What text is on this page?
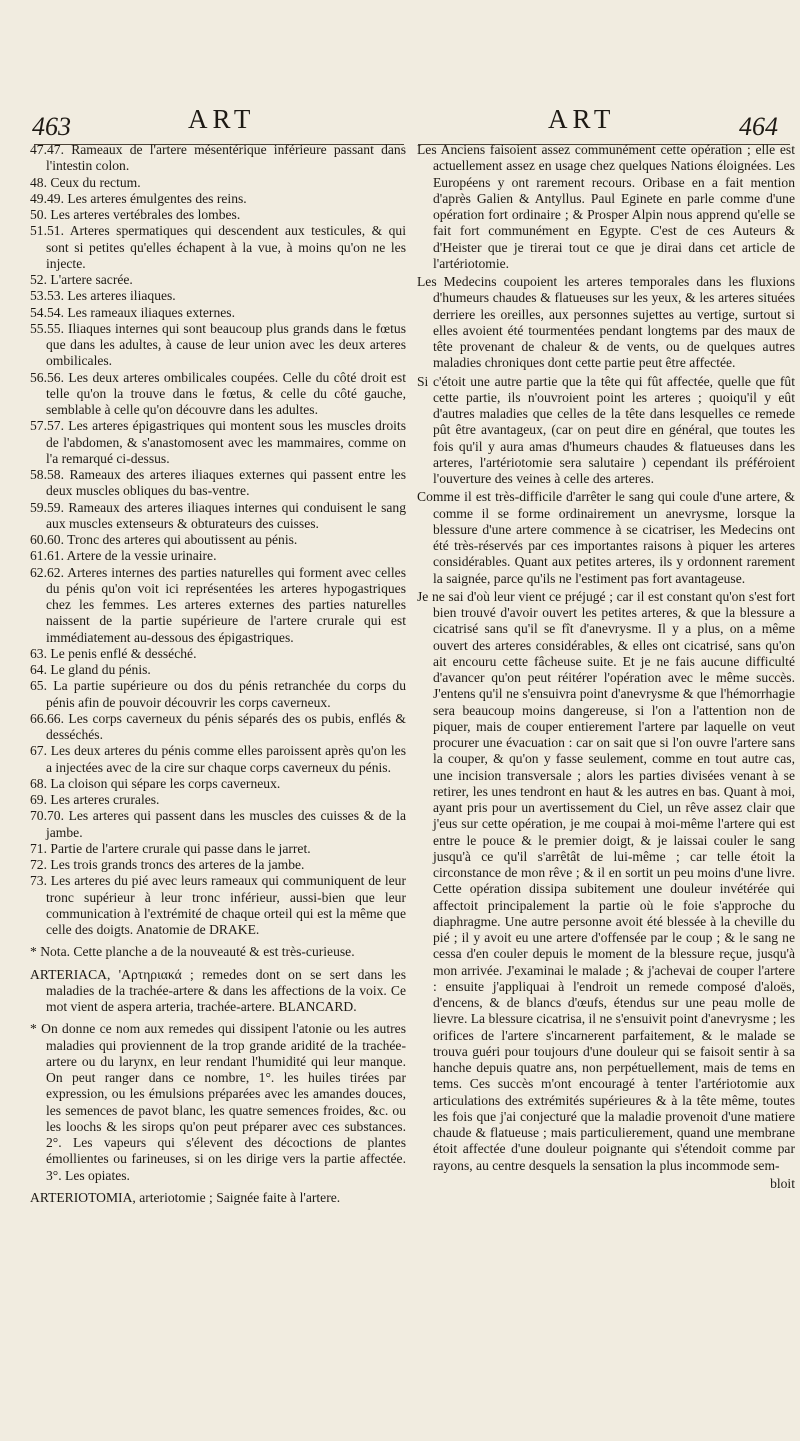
463	ART	ART	464

47.47. Rameaux de l'artere mésentérique inférieure passant dans l'intestin colon.

48. Ceux du rectum.

49.49. Les arteres émulgentes des reins.

50. Les arteres vertébrales des lombes.

51.51. Arteres spermatiques qui descendent aux testicules, & qui sont si petites qu'elles échapent à la vue, à moins qu'on ne les injecte.

52. L'artere sacrée.

53.53. Les arteres iliaques.

54.54. Les rameaux iliaques externes.

55.55. Iliaques internes qui sont beaucoup plus grands dans le fœtus que dans les adultes, à cause de leur union avec les deux arteres ombilicales.

56.56. Les deux arteres ombilicales coupées. Celle du côté droit est telle qu'on la trouve dans le fœtus, & celle du côté gauche, semblable à celle qu'on découvre dans les adultes.

57.57. Les arteres épigastriques qui montent sous les muscles droits de l'abdomen, & s'anastomosent avec les mammaires, comme on l'a remarqué ci-dessus.

58.58. Rameaux des arteres iliaques externes qui passent entre les deux muscles obliques du bas-ventre.

59.59. Rameaux des arteres iliaques internes qui conduisent le sang aux muscles extenseurs & obturateurs des cuisses.

60.60. Tronc des arteres qui aboutissent au pénis.

61.61. Artere de la vessie urinaire.

62.62. Arteres internes des parties naturelles qui forment avec celles du pénis qu'on voit ici représentées les arteres hypogastriques chez les femmes. Les arteres externes des parties naturelles naissent de la partie supérieure de l'artere crurale qui est immédiatement au-dessous des épigastriques.

63. Le penis enflé & desséché.

64. Le gland du pénis.

65. La partie supérieure ou dos du pénis retranchée du corps du pénis afin de pouvoir découvrir les corps caverneux.

66.66. Les corps caverneux du pénis séparés des os pubis, enflés & desséchés.

67. Les deux arteres du pénis comme elles paroissent après qu'on les a injectées avec de la cire sur chaque corps caverneux du pénis.

68. La cloison qui sépare les corps caverneux.

69. Les arteres crurales.

70.70. Les arteres qui passent dans les muscles des cuisses & de la jambe.

71. Partie de l'artere crurale qui passe dans le jarret.

72. Les trois grands troncs des arteres de la jambe.

73. Les arteres du pié avec leurs rameaux qui communiquent de leur tronc supérieur à leur tronc inférieur, aussi-bien que leur communication à l'extrémité de chaque orteil qui est la même que celle des doigts. Anatomie de DRAKE.

* Nota. Cette planche a de la nouveauté & est très-curieuse.

ARTERIACA, 'Αρτηριακά ; remedes dont on se sert dans les maladies de la trachée-artere & dans les affections de la voix. Ce mot vient de aspera arteria, trachée-artere. BLANCARD.

* On donne ce nom aux remedes qui dissipent l'atonie ou les autres maladies qui proviennent de la trop grande aridité de la trachée-artere ou du larynx, en leur rendant l'humidité qui leur manque. On peut ranger dans ce nombre, 1°. les huiles tirées par expression, ou les émulsions préparées avec les amandes douces, les semences de pavot blanc, les quatre semences froides, &c. ou les loochs & les sirops qu'on peut préparer avec ces substances. 2°. Les vapeurs qui s'élevent des décoctions de plantes émollientes ou farineuses, si on les dirige vers la partie affectée. 3°. Les opiates.

ARTERIOTOMIA, arteriotomie ; Saignée faite à l'artere.

Les Anciens faisoient assez communément cette opération ; elle est actuellement assez en usage chez quelques Nations éloignées. Les Européens y ont rarement recours. Oribase en a fait mention d'après Galien & Antyllus. Paul Eginete en parle comme d'une opération fort ordinaire ; & Prosper Alpin nous apprend qu'elle se fait fort communément en Egypte. C'est de ces Auteurs & d'Heister que je tirerai tout ce que je dirai dans cet article de l'artériotomie.

Les Medecins coupoient les arteres temporales dans les fluxions d'humeurs chaudes & flatueuses sur les yeux, & les arteres situées derriere les oreilles, aux personnes sujettes au vertige, surtout si elles avoient été tourmentées pendant longtems par des maux de tête provenant de chaleur & de vents, ou de quelques autres maladies chroniques dont cette partie peut être affectée.

Si c'étoit une autre partie que la tête qui fût affectée, quelle que fût cette partie, ils n'ouvroient point les arteres ; quoiqu'il y eût d'autres maladies que celles de la tête dans lesquelles ce remede pût être avantageux, (car on peut dire en général, que toutes les fois qu'il y aura amas d'humeurs chaudes & flatueuses dans les arteres, l'artériotomie sera salutaire ) cependant ils préféroient l'ouverture des veines à celle des arteres.

Comme il est très-difficile d'arrêter le sang qui coule d'une artere, & comme il se forme ordinairement un anevrysme, lorsque la blessure d'une artere commence à se cicatriser, les Medecins ont été très-réservés par ces importantes raisons à piquer les arteres considérables. Quant aux petites arteres, ils y ordonnent rarement la saignée, parce qu'ils ne l'estiment pas fort avantageuse.

Je ne sai d'où leur vient ce préjugé ; car il est constant qu'on s'est fort bien trouvé d'avoir ouvert les petites arteres, & que la blessure a cicatrisé sans qu'il se fît d'anevrysme. Il y a plus, on a même ouvert des arteres considérables, & elles ont cicatrisé, sans qu'on ait encouru cette fâcheuse suite. Et je ne fais aucune difficulté d'avancer qu'on peut réitérer l'opération avec le même succès. J'entens qu'il ne s'ensuivra point d'anevrysme & que l'hémorrhagie sera beaucoup moins dangereuse, si l'on a l'attention non de piquer, mais de couper entierement l'artere par laquelle on veut procurer une évacuation : car on sait que si l'on ouvre l'artere sans la couper, & qu'on y fasse seulement, comme en tout autre cas, une incision transversale ; alors les parties divisées venant à se retirer, les unes tendront en haut & les autres en bas. Quant à moi, ayant pris pour un avertissement du Ciel, un rêve assez clair que j'eus sur cette opération, je me coupai à moi-même l'artere qui est entre le pouce & le premier doigt, & je laissai couler le sang jusqu'à ce qu'il s'arrêtât de lui-même ; car telle étoit la circonstance de mon rêve ; & il en sortit un peu moins d'une livre. Cette opération dissipa subitement une douleur invétérée qui affectoit principalement la partie où le foie s'approche du diaphragme. Une autre personne avoit été blessée à la cheville du pié ; il y avoit eu une artere d'offensée par le coup ; & le sang ne cessa d'en couler depuis le moment de la blessure reçue, jusqu'à mon arrivée. J'examinai le malade ; & j'achevai de couper l'artere : ensuite j'appliquai à l'endroit un remede composé d'aloës, d'encens, & de blancs d'œufs, étendus sur une peau molle de lievre. La blessure cicatrisa, il ne s'ensuivit point d'anevrysme ; les orifices de l'artere s'incarnerent parfaitement, & le malade se trouva guéri pour toujours d'une douleur qui se faisoit sentir à sa hanche depuis quatre ans, non perpétuellement, mais de tems en tems. Ces succès m'ont encouragé à tenter l'artériotomie aux articulations des extrémités supérieures & à la tête même, toutes les fois que j'ai conjecturé que la maladie provenoit d'une matiere chaude & flatueuse ; mais particulierement, quand une membrane étoit affectée d'une douleur poignante qui s'étendoit comme par rayons, au centre desquels la sensation la plus incommode sem-

bloit
